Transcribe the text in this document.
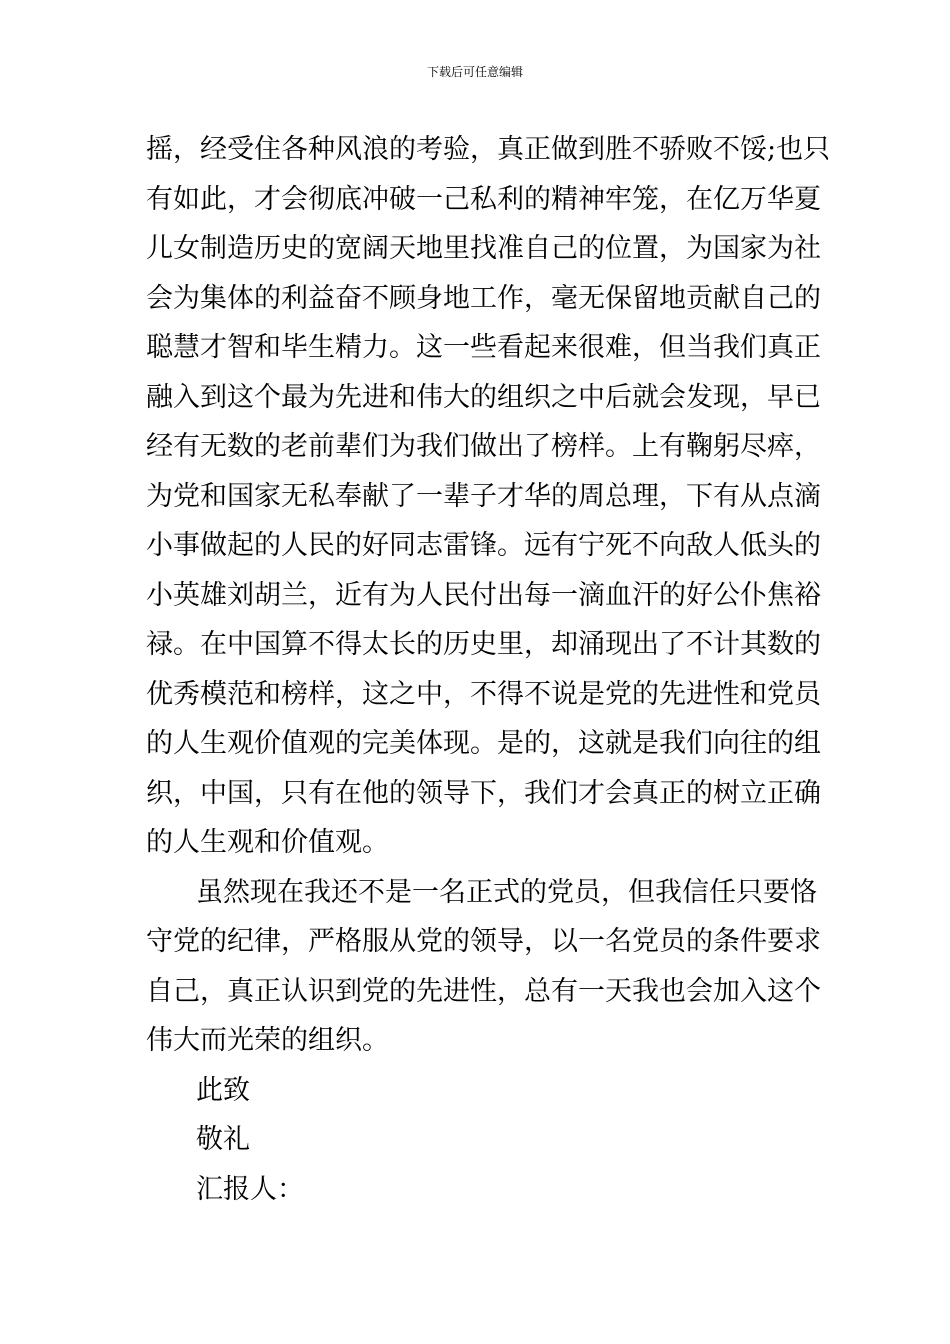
下载后可任意编辑
摇，经受住各种风浪的考验，真正做到胜不骄败不馁;也只
有如此，才会彻底冲破一己私利的精神牢笼，在亿万华夏
儿女制造历史的宽阔天地里找准自己的位置，为国家为社
会为集体的利益奋不顾身地工作，毫无保留地贡献自己的
聪慧才智和毕生精力。这一些看起来很难，但当我们真正
融入到这个最为先进和伟大的组织之中后就会发现，早已
经有无数的老前辈们为我们做出了榜样。上有鞠躬尽瘁，
为党和国家无私奉献了一辈子才华的周总理，下有从点滴
小事做起的人民的好同志雷锋。远有宁死不向敌人低头的
小英雄刘胡兰，近有为人民付出每一滴血汗的好公仆焦裕
禄。在中国算不得太长的历史里，却涌现出了不计其数的
优秀模范和榜样，这之中，不得不说是党的先进性和党员
的人生观价值观的完美体现。是的，这就是我们向往的组
织，中国，只有在他的领导下，我们才会真正的树立正确
的人生观和价值观。
虽然现在我还不是一名正式的党员，但我信任只要恪
守党的纪律，严格服从党的领导，以一名党员的条件要求
自己，真正认识到党的先进性，总有一天我也会加入这个
伟大而光荣的组织。
此致
敬礼
汇报人：
